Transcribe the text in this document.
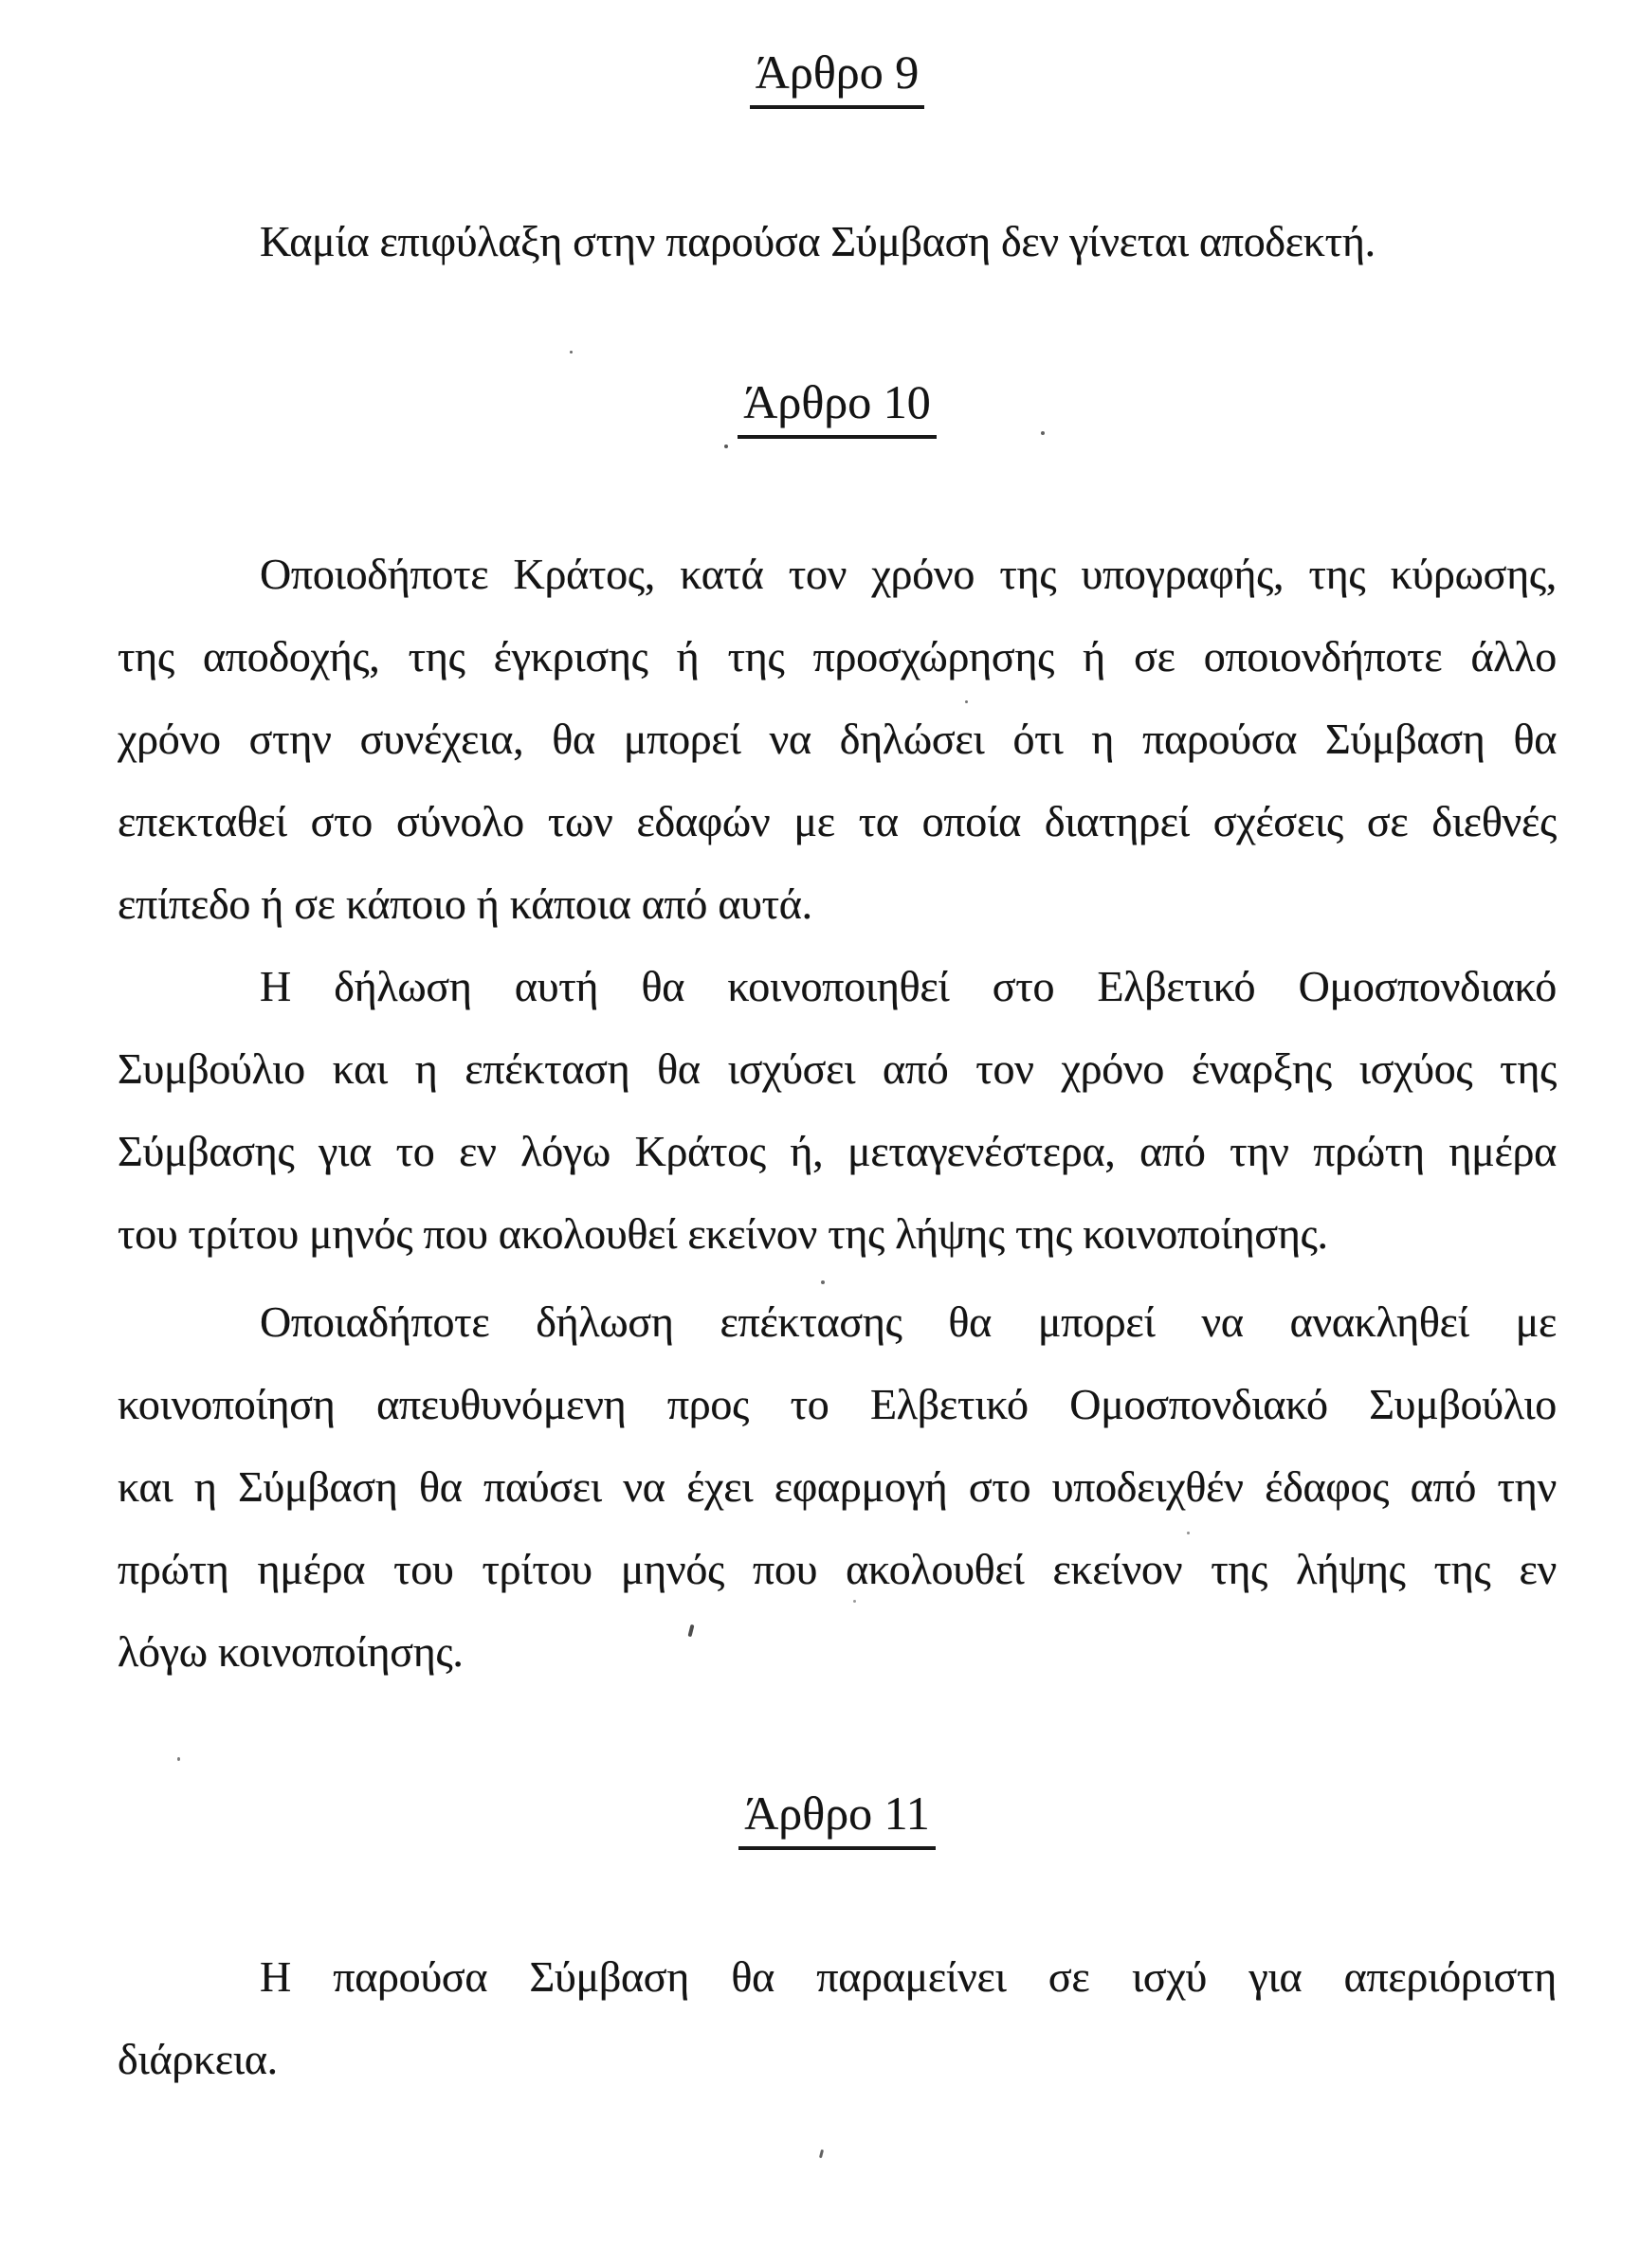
Άρθρο 9
Καμία επιφύλαξη στην παρούσα Σύμβαση δεν γίνεται αποδεκτή.
Άρθρο 10
Οποιοδήποτε Κράτος, κατά τον χρόνο της υπογραφής, της κύρωσης,
της αποδοχής, της έγκρισης ή της προσχώρησης ή σε οποιονδήποτε άλλο
χρόνο στην συνέχεια, θα μπορεί να δηλώσει ότι η παρούσα Σύμβαση θα
επεκταθεί στο σύνολο των εδαφών με τα οποία διατηρεί σχέσεις σε διεθνές
επίπεδο ή σε κάποιο ή κάποια από αυτά.
Η δήλωση αυτή θα κοινοποιηθεί στο Ελβετικό Ομοσπονδιακό
Συμβούλιο και η επέκταση θα ισχύσει από τον χρόνο έναρξης ισχύος της
Σύμβασης για το εν λόγω Κράτος ή, μεταγενέστερα, από την πρώτη ημέρα
του τρίτου μηνός που ακολουθεί εκείνον της λήψης της κοινοποίησης.
Οποιαδήποτε δήλωση επέκτασης θα μπορεί να ανακληθεί με
κοινοποίηση απευθυνόμενη προς το Ελβετικό Ομοσπονδιακό Συμβούλιο
και η Σύμβαση θα παύσει να έχει εφαρμογή στο υποδειχθέν έδαφος από την
πρώτη ημέρα του τρίτου μηνός που ακολουθεί εκείνον της λήψης της εν
λόγω κοινοποίησης.
Άρθρο 11
Η παρούσα Σύμβαση θα παραμείνει σε ισχύ για απεριόριστη
διάρκεια.
